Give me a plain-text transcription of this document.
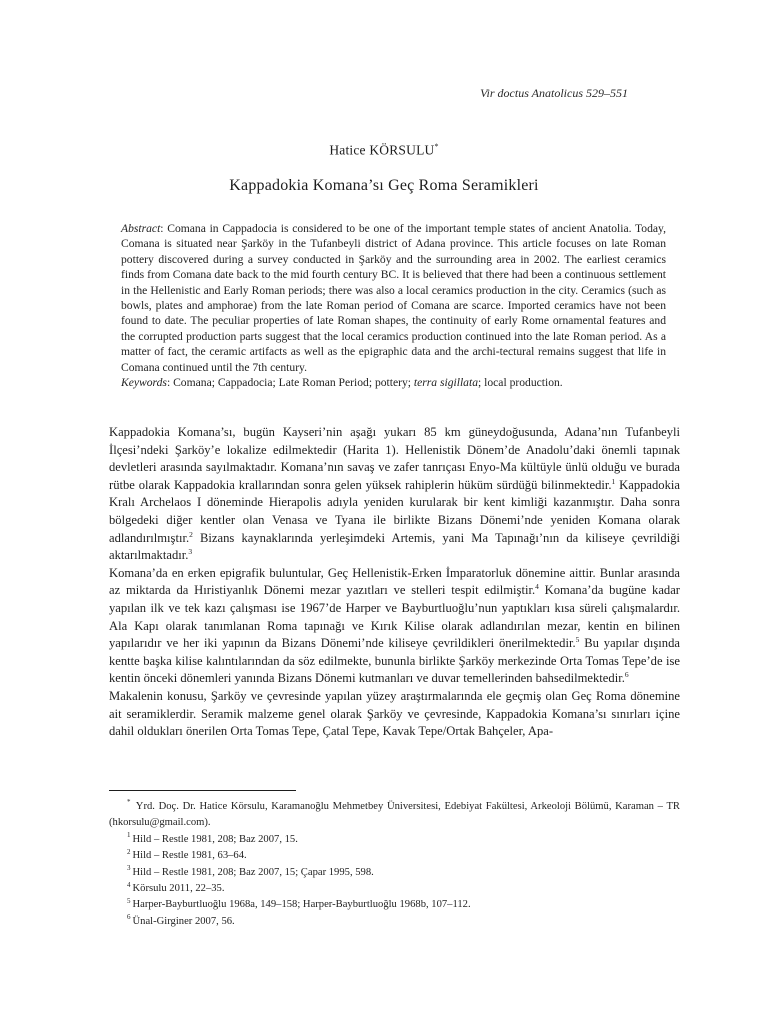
Vir doctus Anatolicus 529–551
Hatice KÖRSULU*
Kappadokia Komana’sı Geç Roma Seramikleri
Abstract: Comana in Cappadocia is considered to be one of the important temple states of ancient Anatolia. Today, Comana is situated near Şarköy in the Tufanbeyli district of Adana province. This article focuses on late Roman pottery discovered during a survey conducted in Şarköy and the surrounding area in 2002. The earliest ceramics finds from Comana date back to the mid fourth century BC. It is believed that there had been a continuous settlement in the Hellenistic and Early Roman periods; there was also a local ceramics production in the city. Ceramics (such as bowls, plates and amphorae) from the late Roman period of Comana are scarce. Imported ceramics have not been found to date. The peculiar properties of late Roman shapes, the continuity of early Rome ornamental features and the corrupted production parts suggest that the local ceramics production continued into the late Roman period. As a matter of fact, the ceramic artifacts as well as the epigraphic data and the archi-tectural remains suggest that life in Comana continued until the 7th century.
Keywords: Comana; Cappadocia; Late Roman Period; pottery; terra sigillata; local production.

Kappadokia Komana’sı, bugün Kayseri’nin aşağı yukarı 85 km güneydoğusunda, Adana’nın Tufanbeyli İlçesi’ndeki Şarköy’e lokalize edilmektedir (Harita 1). Hellenistik Dönem’de Anadolu’daki önemli tapınak devletleri arasında sayılmaktadır. Komana’nın savaş ve zafer tanrıçası Enyo-Ma kültüyle ünlü olduğu ve burada rütbe olarak Kappadokia krallarından sonra gelen yüksek rahiplerin hüküm sürdüğü bilinmektedir.$^1$ Kappadokia Kralı Archelaos I döneminde Hierapolis adıyla yeniden kurularak bir kent kimliği kazanmıştır. Daha sonra bölgedeki diğer kentler olan Venasa ve Tyana ile birlikte Bizans Dönemi’nde yeniden Komana olarak adlandırılmıştır.$^2$ Bizans kaynaklarında yerleşimdeki Artemis, yani Ma Tapınağı’nın da kiliseye çevrildiği aktarılmaktadır.$^3$

Komana’da en erken epigrafik buluntular, Geç Hellenistik-Erken İmparatorluk dönemine aittir. Bunlar arasında az miktarda da Hıristiyanlık Dönemi mezar yazıtları ve stelleri tespit edilmiştir.$^4$ Komana’da bugüne kadar yapılan ilk ve tek kazı çalışması ise 1967’de Harper ve Bayburtluoğlu’nun yaptıkları kısa süreli çalışmalardır. Ala Kapı olarak tanımlanan Roma tapınağı ve Kırık Kilise olarak adlandırılan mezar, kentin en bilinen yapılarıdır ve her iki yapının da Bizans Dönemi’nde kiliseye çevrildikleri önerilmektedir.$^5$ Bu yapılar dışında kentte başka kilise kalıntılarından da söz edilmekte, bununla birlikte Şarköy merkezinde Orta Tomas Tepe’de ise kentin önceki dönemleri yanında Bizans Dönemi kutmanları ve duvar temellerinden bahsedilmektedir.$^6$

Makalenin konusu, Şarköy ve çevresinde yapılan yüzey araştırmalarında ele geçmiş olan Geç Roma dönemine ait seramiklerdir. Seramik malzeme genel olarak Şarköy ve çevresinde, Kappadokia Komana’sı sınırları içine dahil oldukları önerilen Orta Tomas Tepe, Çatal Tepe, Kavak Tepe/Ortak Bahçeler, Apa-

* Yrd. Doç. Dr. Hatice Körsulu, Karamanoğlu Mehmetbey Üniversitesi, Edebiyat Fakültesi, Arkeoloji Bölümü, Karaman – TR (hkorsulu@gmail.com).

$^1$ Hild – Restle 1981, 208; Baz 2007, 15.

$^2$ Hild – Restle 1981, 63–64.

$^3$ Hild – Restle 1981, 208; Baz 2007, 15; Çapar 1995, 598.

$^4$ Körsulu 2011, 22–35.

$^5$ Harper-Bayburtluoğlu 1968a, 149–158; Harper-Bayburtluoğlu 1968b, 107–112.

$^6$ Ünal-Girginer 2007, 56.
